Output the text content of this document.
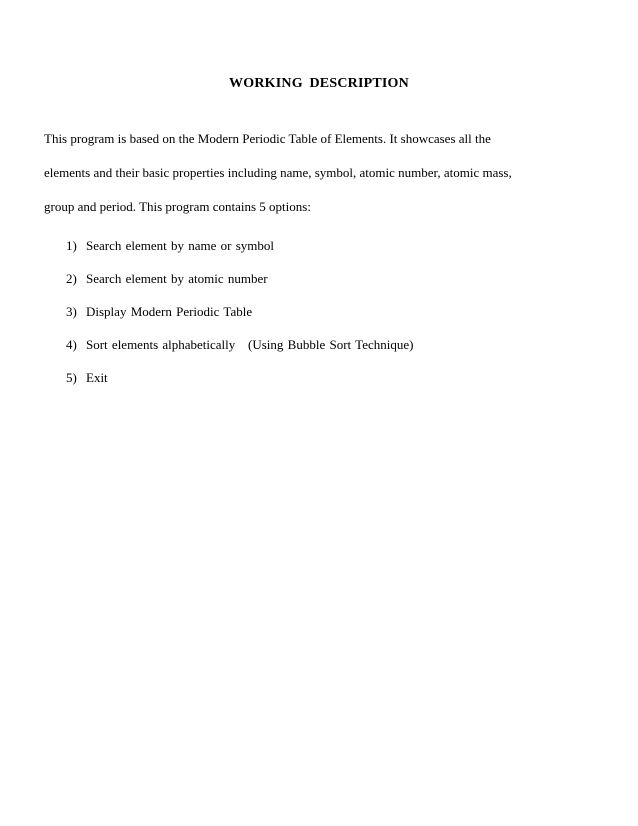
WORKING DESCRIPTION

This program is based on the Modern Periodic Table of Elements. It showcases all the
elements and their basic properties including name, symbol, atomic number, atomic mass,
group and period. This program contains 5 options:

1) Search element by name or symbol
2) Search element by atomic number
3) Display Modern Periodic Table
4) Sort elements alphabetically   (Using Bubble Sort Technique)
5) Exit
